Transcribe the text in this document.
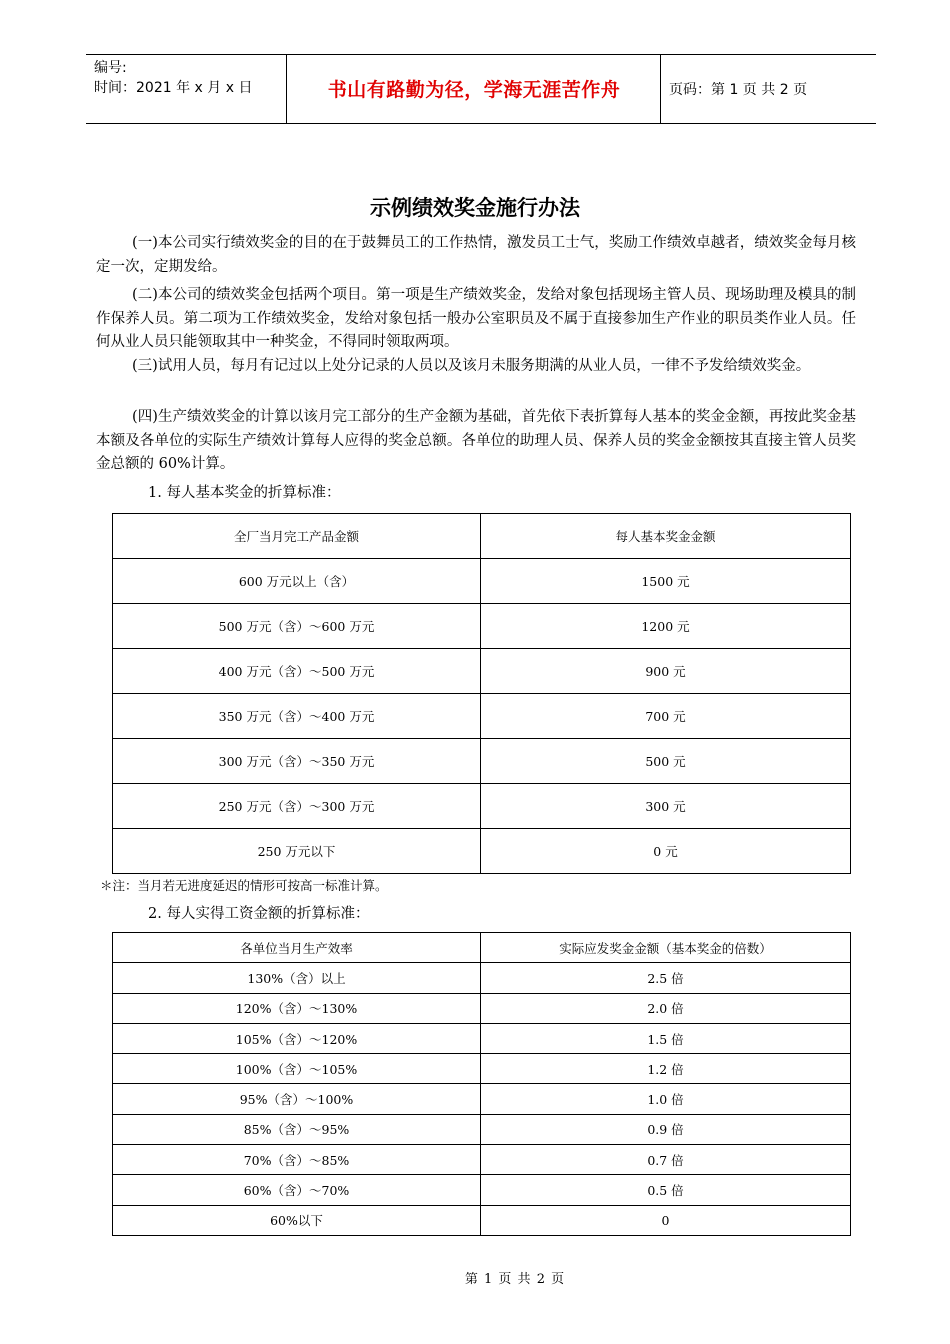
编号:
时间：2021 年 x 月 x 日	书山有路勤为径，学海无涯苦作舟	页码：第 1 页 共 2 页
示例绩效奖金施行办法
(一)本公司实行绩效奖金的目的在于鼓舞员工的工作热情，激发员工士气，奖励工作绩效卓越者，绩效奖金每月核定一次，定期发给。
(二)本公司的绩效奖金包括两个项目。第一项是生产绩效奖金，发给对象包括现场主管人员、现场助理及模具的制作保养人员。第二项为工作绩效奖金，发给对象包括一般办公室职员及不属于直接参加生产作业的职员类作业人员。任何从业人员只能领取其中一种奖金，不得同时领取两项。
(三)试用人员，每月有记过以上处分记录的人员以及该月未服务期满的从业人员，一律不予发给绩效奖金。
(四)生产绩效奖金的计算以该月完工部分的生产金额为基础，首先依下表折算每人基本的奖金金额，再按此奖金基本额及各单位的实际生产绩效计算每人应得的奖金总额。各单位的助理人员、保养人员的奖金金额按其直接主管人员奖金总额的 60%计算。
1. 每人基本奖金的折算标准：
全厂当月完工产品金额	每人基本奖金金额
600 万元以上（含）	1500 元
500 万元（含）～600 万元	1200 元
400 万元（含）～500 万元	900 元
350 万元（含）～400 万元	700 元
300 万元（含）～350 万元	500 元
250 万元（含）～300 万元	300 元
250 万元以下	0 元
＊注：当月若无进度延迟的情形可按高一标准计算。
2. 每人实得工资金额的折算标准：
各单位当月生产效率	实际应发奖金金额（基本奖金的倍数）
130%（含）以上	2.5 倍
120%（含）～130%	2.0 倍
105%（含）～120%	1.5 倍
100%（含）～105%	1.2 倍
95%（含）～100%	1.0 倍
85%（含）～95%	0.9 倍
70%（含）～85%	0.7 倍
60%（含）～70%	0.5 倍
60%以下	0
第 1 页 共 2 页
